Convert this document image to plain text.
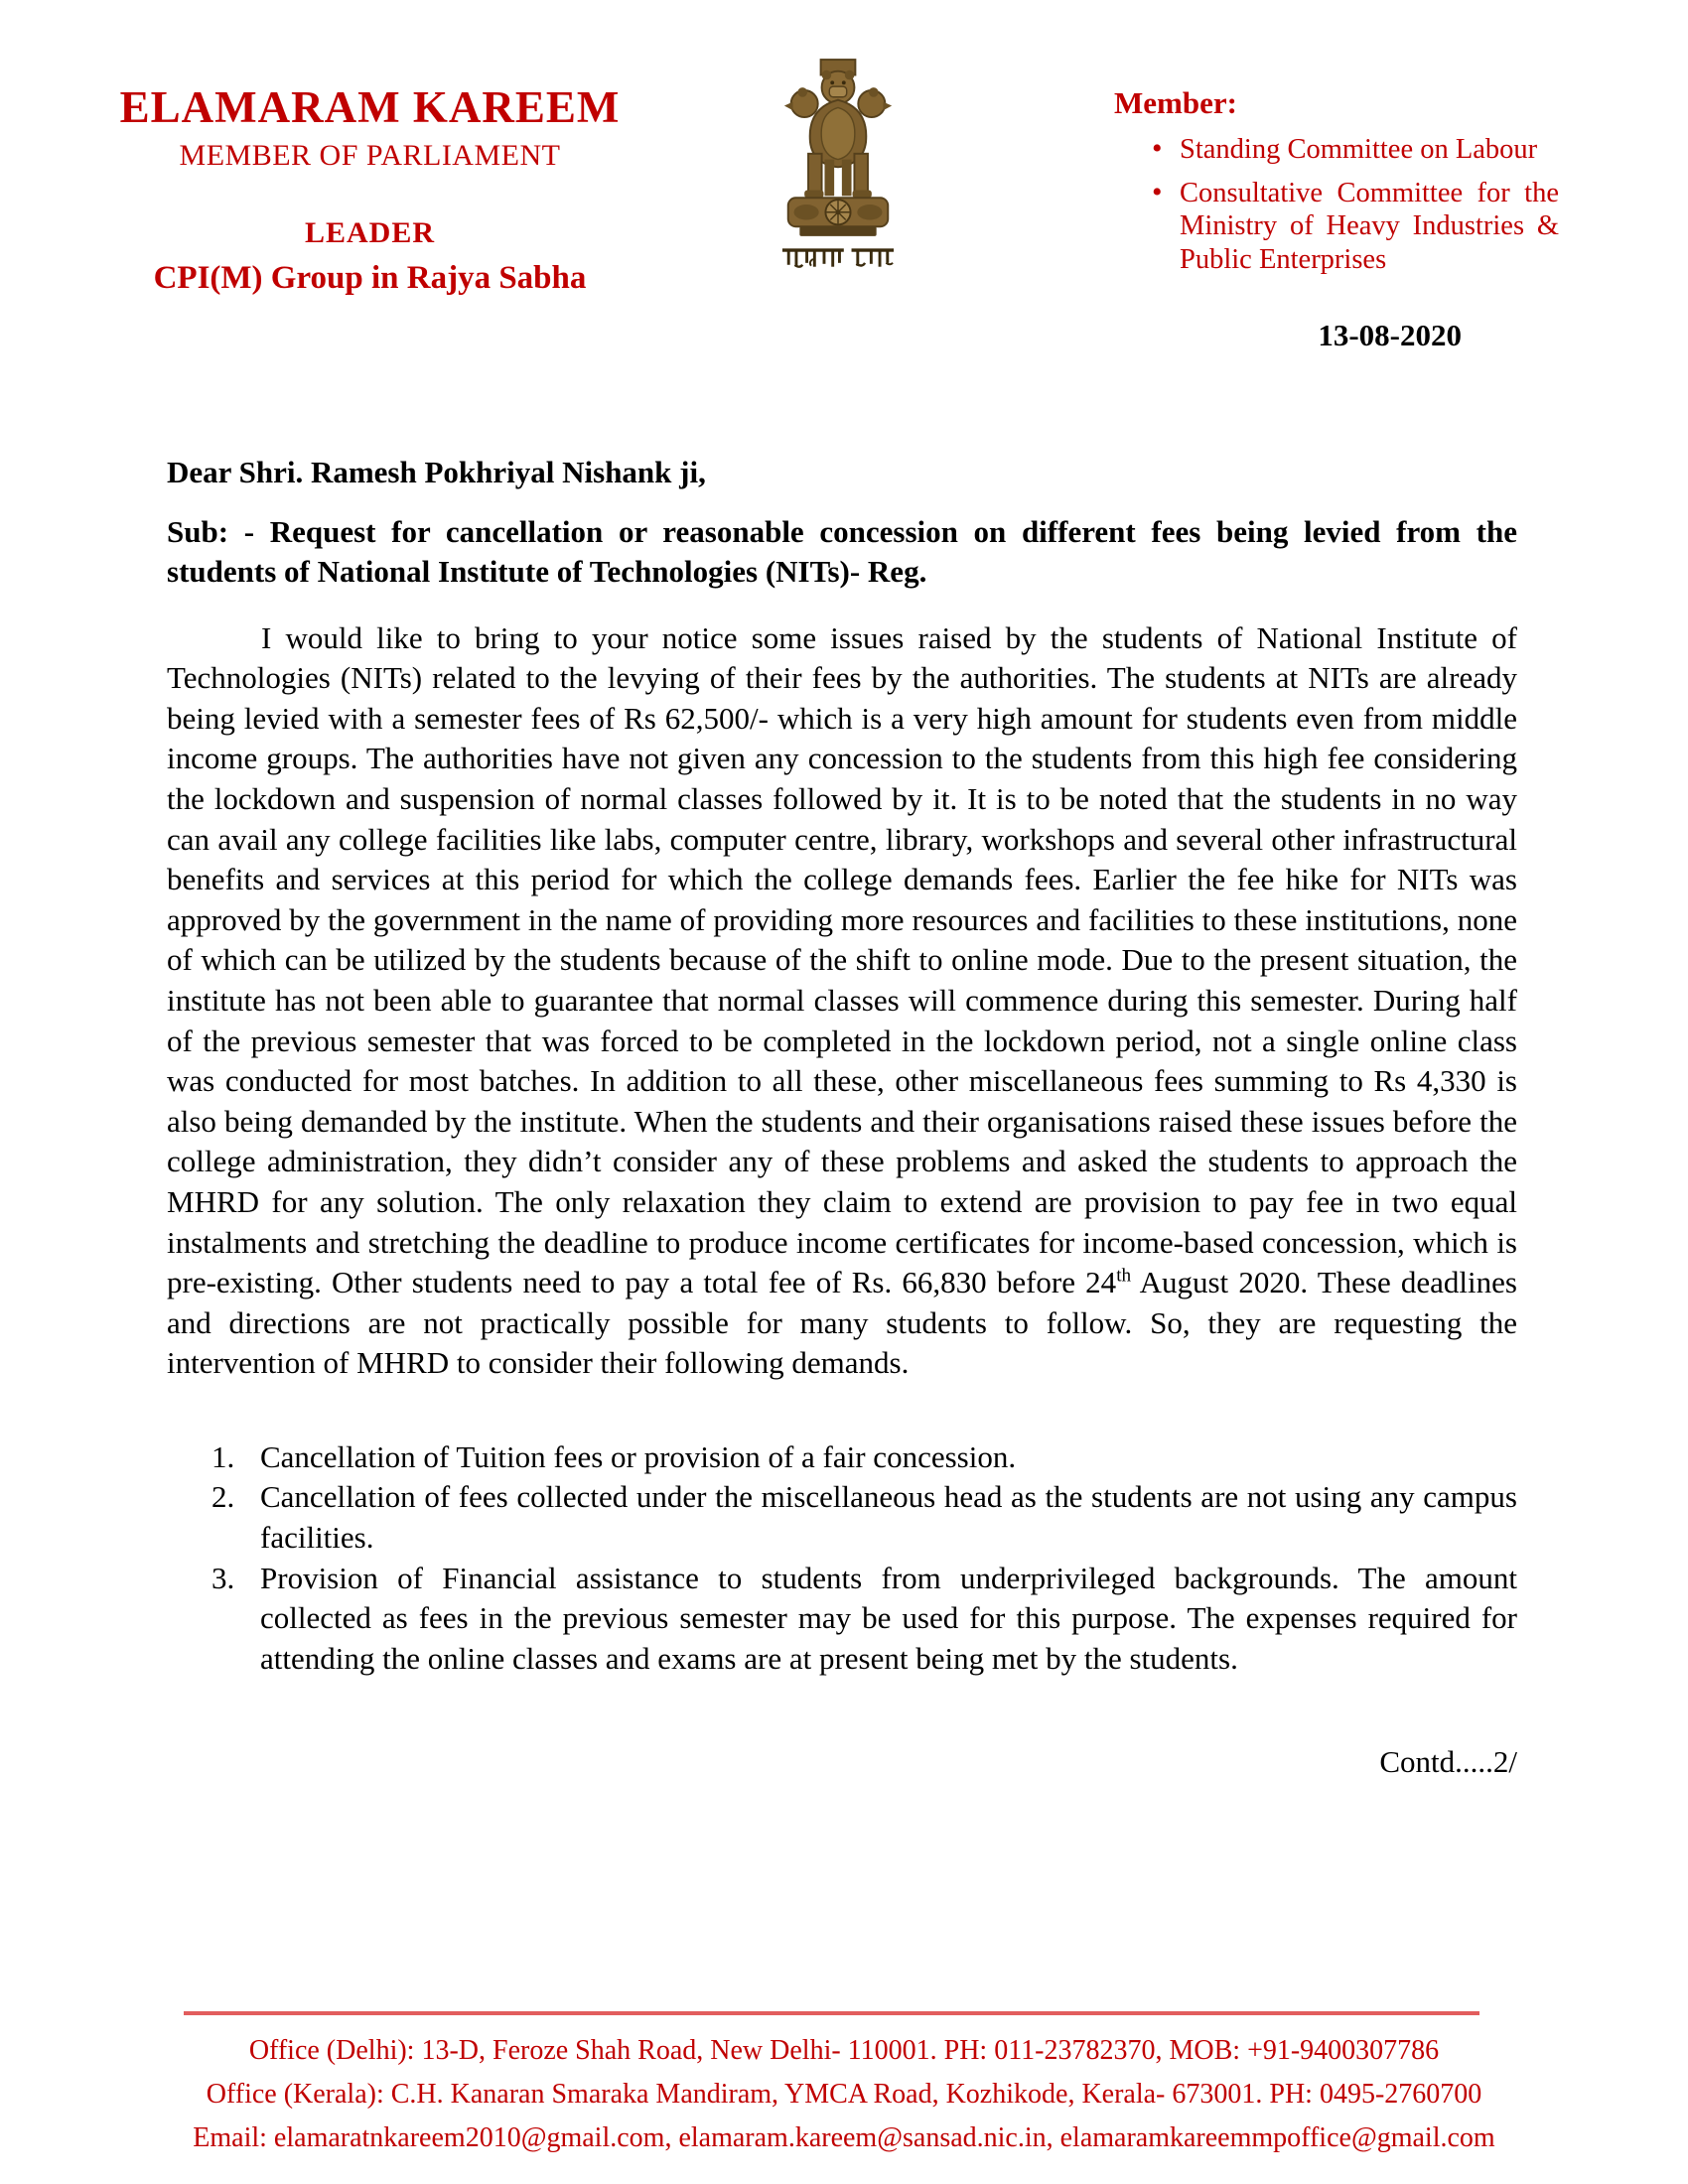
ELAMARAM KAREEM
MEMBER OF PARLIAMENT
LEADER
CPI(M) Group in Rajya Sabha

Member:
• Standing Committee on Labour
• Consultative Committee for the Ministry of Heavy Industries & Public Enterprises
13-08-2020
Dear Shri. Ramesh Pokhriyal Nishank ji,

Sub: - Request for cancellation or reasonable concession on different fees being levied from the students of National Institute of Technologies (NITs)- Reg.

I would like to bring to your notice some issues raised by the students of National Institute of Technologies (NITs) related to the levying of their fees by the authorities. The students at NITs are already being levied with a semester fees of Rs 62,500/- which is a very high amount for students even from middle income groups. The authorities have not given any concession to the students from this high fee considering the lockdown and suspension of normal classes followed by it. It is to be noted that the students in no way can avail any college facilities like labs, computer centre, library, workshops and several other infrastructural benefits and services at this period for which the college demands fees. Earlier the fee hike for NITs was approved by the government in the name of providing more resources and facilities to these institutions, none of which can be utilized by the students because of the shift to online mode. Due to the present situation, the institute has not been able to guarantee that normal classes will commence during this semester. During half of the previous semester that was forced to be completed in the lockdown period, not a single online class was conducted for most batches. In addition to all these, other miscellaneous fees summing to Rs 4,330 is also being demanded by the institute. When the students and their organisations raised these issues before the college administration, they didn’t consider any of these problems and asked the students to approach the MHRD for any solution. The only relaxation they claim to extend are provision to pay fee in two equal instalments and stretching the deadline to produce income certificates for income-based concession, which is pre-existing. Other students need to pay a total fee of Rs. 66,830 before 24th August 2020. These deadlines and directions are not practically possible for many students to follow. So, they are requesting the intervention of MHRD to consider their following demands.

Cancellation of Tuition fees or provision of a fair concession.
Cancellation of fees collected under the miscellaneous head as the students are not using any campus facilities.
Provision of Financial assistance to students from underprivileged backgrounds. The amount collected as fees in the previous semester may be used for this purpose. The expenses required for attending the online classes and exams are at present being met by the students.
Contd.....2/
Office (Delhi): 13-D, Feroze Shah Road, New Delhi- 110001. PH: 011-23782370, MOB: +91-9400307786
Office (Kerala): C.H. Kanaran Smaraka Mandiram, YMCA Road, Kozhikode, Kerala- 673001. PH: 0495-2760700
Email: elamaratnkareem2010@gmail.com, elamaram.kareem@sansad.nic.in, elamaramkareemmpoffice@gmail.com
